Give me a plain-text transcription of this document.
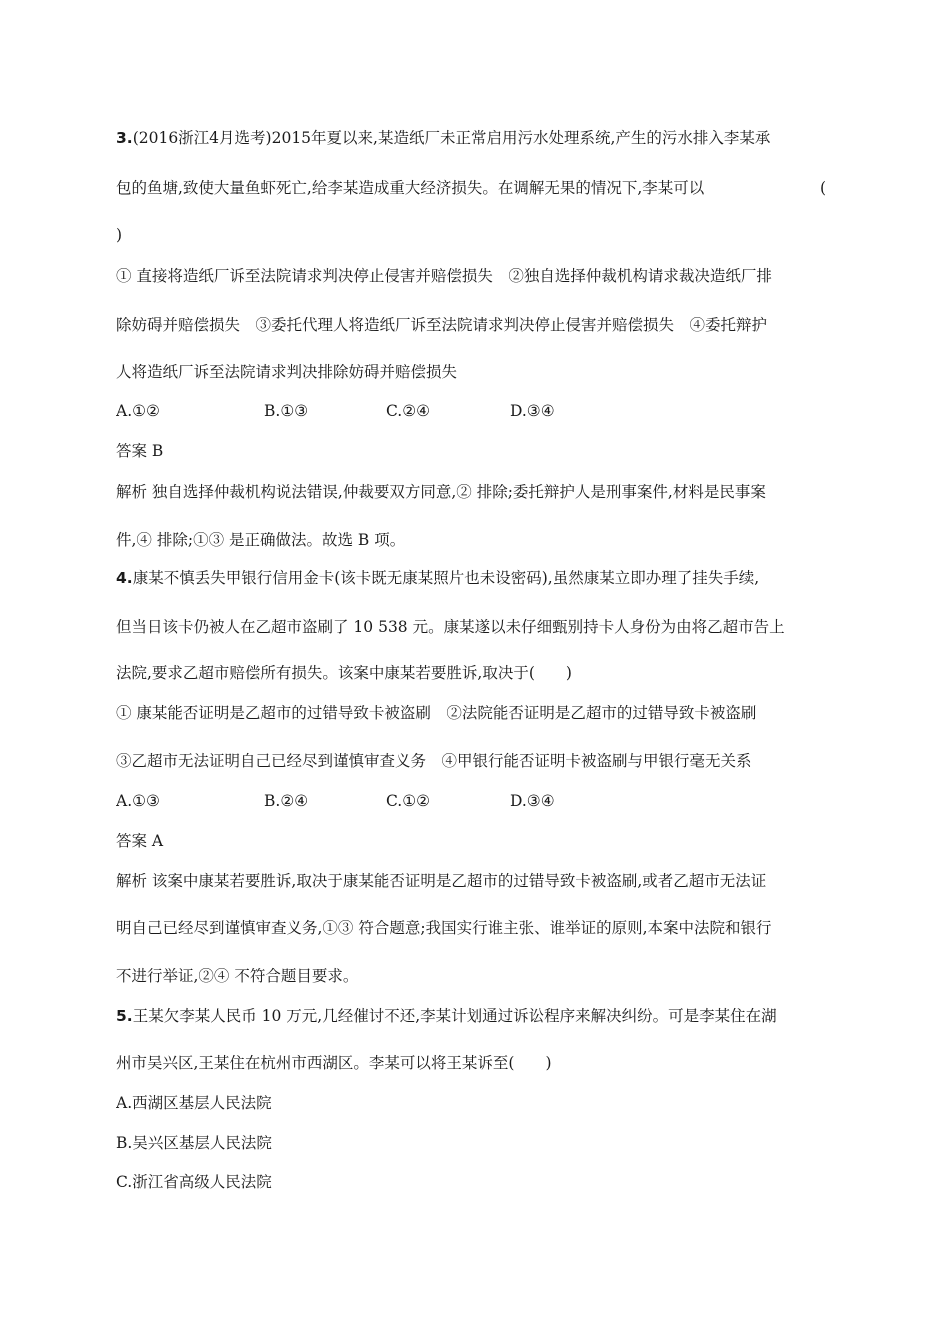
3.(2016浙江4月选考)2015年夏以来,某造纸厂未正常启用污水处理系统,产生的污水排入李某承
包的鱼塘,致使大量鱼虾死亡,给李某造成重大经济损失。在调解无果的情况下,李某可以	(
)
① 直接将造纸厂诉至法院请求判决停止侵害并赔偿损失　②独自选择仲裁机构请求裁决造纸厂排
除妨碍并赔偿损失　③委托代理人将造纸厂诉至法院请求判决停止侵害并赔偿损失　④委托辩护
人将造纸厂诉至法院请求判决排除妨碍并赔偿损失
A.①②	B.①③	C.②④	D.③④
答案 B
解析 独自选择仲裁机构说法错误,仲裁要双方同意,② 排除;委托辩护人是刑事案件,材料是民事案
件,④ 排除;①③ 是正确做法。故选 B 项。
4.康某不慎丢失甲银行信用金卡(该卡既无康某照片也未设密码),虽然康某立即办理了挂失手续,
但当日该卡仍被人在乙超市盗刷了 10 538 元。康某遂以未仔细甄别持卡人身份为由将乙超市告上
法院,要求乙超市赔偿所有损失。该案中康某若要胜诉,取决于(　　)
① 康某能否证明是乙超市的过错导致卡被盗刷　②法院能否证明是乙超市的过错导致卡被盗刷
③乙超市无法证明自己已经尽到谨慎审查义务　④甲银行能否证明卡被盗刷与甲银行毫无关系
A.①③	B.②④	C.①②	D.③④
答案 A
解析 该案中康某若要胜诉,取决于康某能否证明是乙超市的过错导致卡被盗刷,或者乙超市无法证
明自己已经尽到谨慎审查义务,①③ 符合题意;我国实行谁主张、谁举证的原则,本案中法院和银行
不进行举证,②④ 不符合题目要求。
5.王某欠李某人民币 10 万元,几经催讨不还,李某计划通过诉讼程序来解决纠纷。可是李某住在湖
州市吴兴区,王某住在杭州市西湖区。李某可以将王某诉至(　　)
A.西湖区基层人民法院
B.吴兴区基层人民法院
C.浙江省高级人民法院
